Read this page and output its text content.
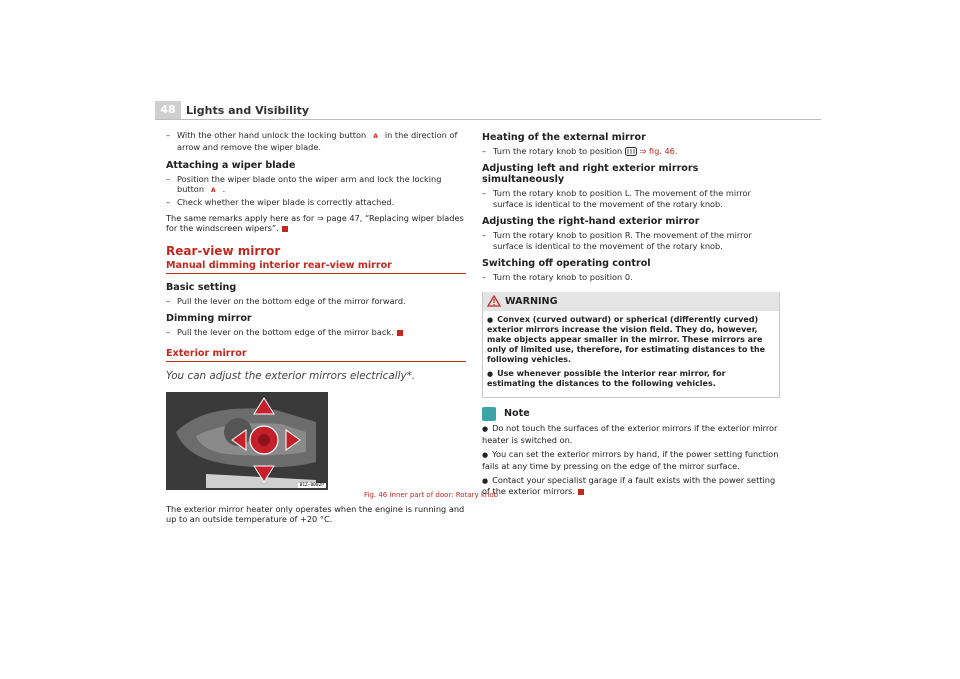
48 Lights and Visibility

– With the other hand unlock the locking button A in the direction of arrow and remove the wiper blade.

Attaching a wiper blade

– Position the wiper blade onto the wiper arm and lock the locking button A .

– Check whether the wiper blade is correctly attached.

The same remarks apply here as for ⇒ page 47, “Replacing wiper blades for the windscreen wipers”.

Rear-view mirror
Manual dimming interior rear-view mirror
Basic setting

– Pull the lever on the bottom edge of the mirror forward.

Dimming mirror

– Pull the lever on the bottom edge of the mirror back.

Exterior mirror
You can adjust the exterior mirrors electrically*.
B1Z-0002P

The exterior mirror heater only operates when the engine is running and up to an outside temperature of +20 °C.

Fig. 46 Inner part of door: Rotary knob
Heating of the external mirror

– Turn the rotary knob to position ⇒ fig. 46.

Adjusting left and right exterior mirrors simultaneously

– Turn the rotary knob to position L. The movement of the mirror surface is identical to the movement of the rotary knob.

Adjusting the right-hand exterior mirror

– Turn the rotary knob to position R. The movement of the mirror surface is identical to the movement of the rotary knob.

Switching off operating control

– Turn the rotary knob to position 0.

WARNING

● Convex (curved outward) or spherical (differently curved) exterior mirrors increase the vision field. They do, however, make objects appear smaller in the mirror. These mirrors are only of limited use, therefore, for estimating distances to the following vehicles.

● Use whenever possible the interior rear mirror, for estimating the distances to the following vehicles.

Note

● Do not touch the surfaces of the exterior mirrors if the exterior mirror heater is switched on.

● You can set the exterior mirrors by hand, if the power setting function fails at any time by pressing on the edge of the mirror surface.

● Contact your specialist garage if a fault exists with the power setting of the exterior mirrors.
